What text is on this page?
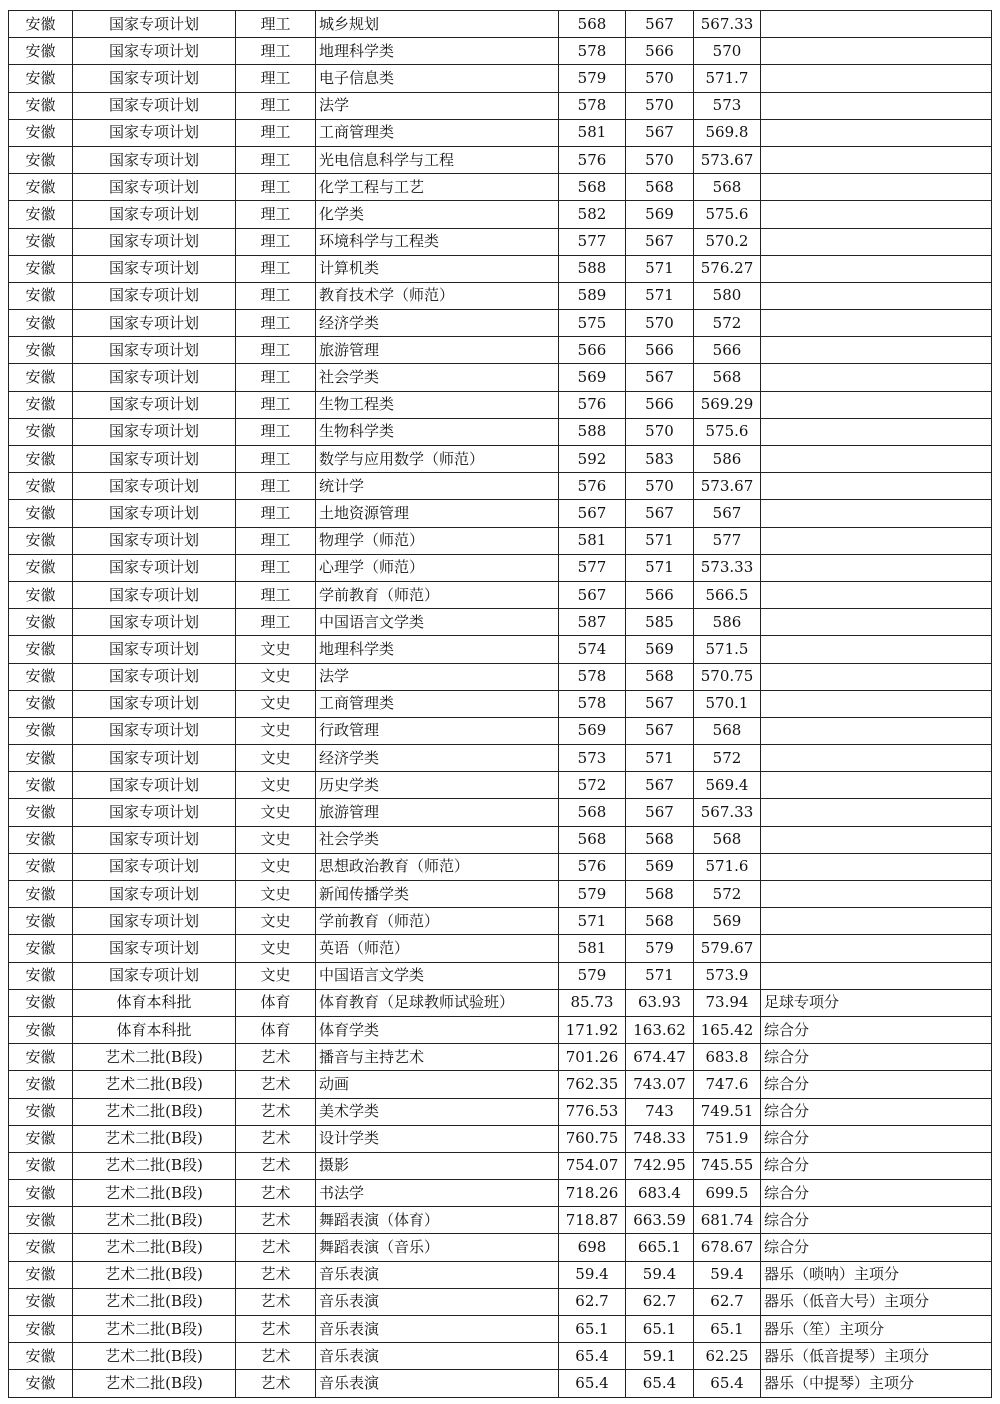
安徽	国家专项计划	理工	城乡规划	568	567	567.33	
安徽	国家专项计划	理工	地理科学类	578	566	570	
安徽	国家专项计划	理工	电子信息类	579	570	571.7	
安徽	国家专项计划	理工	法学	578	570	573	
安徽	国家专项计划	理工	工商管理类	581	567	569.8	
安徽	国家专项计划	理工	光电信息科学与工程	576	570	573.67	
安徽	国家专项计划	理工	化学工程与工艺	568	568	568	
安徽	国家专项计划	理工	化学类	582	569	575.6	
安徽	国家专项计划	理工	环境科学与工程类	577	567	570.2	
安徽	国家专项计划	理工	计算机类	588	571	576.27	
安徽	国家专项计划	理工	教育技术学（师范）	589	571	580	
安徽	国家专项计划	理工	经济学类	575	570	572	
安徽	国家专项计划	理工	旅游管理	566	566	566	
安徽	国家专项计划	理工	社会学类	569	567	568	
安徽	国家专项计划	理工	生物工程类	576	566	569.29	
安徽	国家专项计划	理工	生物科学类	588	570	575.6	
安徽	国家专项计划	理工	数学与应用数学（师范）	592	583	586	
安徽	国家专项计划	理工	统计学	576	570	573.67	
安徽	国家专项计划	理工	土地资源管理	567	567	567	
安徽	国家专项计划	理工	物理学（师范）	581	571	577	
安徽	国家专项计划	理工	心理学（师范）	577	571	573.33	
安徽	国家专项计划	理工	学前教育（师范）	567	566	566.5	
安徽	国家专项计划	理工	中国语言文学类	587	585	586	
安徽	国家专项计划	文史	地理科学类	574	569	571.5	
安徽	国家专项计划	文史	法学	578	568	570.75	
安徽	国家专项计划	文史	工商管理类	578	567	570.1	
安徽	国家专项计划	文史	行政管理	569	567	568	
安徽	国家专项计划	文史	经济学类	573	571	572	
安徽	国家专项计划	文史	历史学类	572	567	569.4	
安徽	国家专项计划	文史	旅游管理	568	567	567.33	
安徽	国家专项计划	文史	社会学类	568	568	568	
安徽	国家专项计划	文史	思想政治教育（师范）	576	569	571.6	
安徽	国家专项计划	文史	新闻传播学类	579	568	572	
安徽	国家专项计划	文史	学前教育（师范）	571	568	569	
安徽	国家专项计划	文史	英语（师范）	581	579	579.67	
安徽	国家专项计划	文史	中国语言文学类	579	571	573.9	
安徽	体育本科批	体育	体育教育（足球教师试验班）	85.73	63.93	73.94	足球专项分
安徽	体育本科批	体育	体育学类	171.92	163.62	165.42	综合分
安徽	艺术二批(B段)	艺术	播音与主持艺术	701.26	674.47	683.8	综合分
安徽	艺术二批(B段)	艺术	动画	762.35	743.07	747.6	综合分
安徽	艺术二批(B段)	艺术	美术学类	776.53	743	749.51	综合分
安徽	艺术二批(B段)	艺术	设计学类	760.75	748.33	751.9	综合分
安徽	艺术二批(B段)	艺术	摄影	754.07	742.95	745.55	综合分
安徽	艺术二批(B段)	艺术	书法学	718.26	683.4	699.5	综合分
安徽	艺术二批(B段)	艺术	舞蹈表演（体育）	718.87	663.59	681.74	综合分
安徽	艺术二批(B段)	艺术	舞蹈表演（音乐）	698	665.1	678.67	综合分
安徽	艺术二批(B段)	艺术	音乐表演	59.4	59.4	59.4	器乐（唢呐）主项分
安徽	艺术二批(B段)	艺术	音乐表演	62.7	62.7	62.7	器乐（低音大号）主项分
安徽	艺术二批(B段)	艺术	音乐表演	65.1	65.1	65.1	器乐（笙）主项分
安徽	艺术二批(B段)	艺术	音乐表演	65.4	59.1	62.25	器乐（低音提琴）主项分
安徽	艺术二批(B段)	艺术	音乐表演	65.4	65.4	65.4	器乐（中提琴）主项分
